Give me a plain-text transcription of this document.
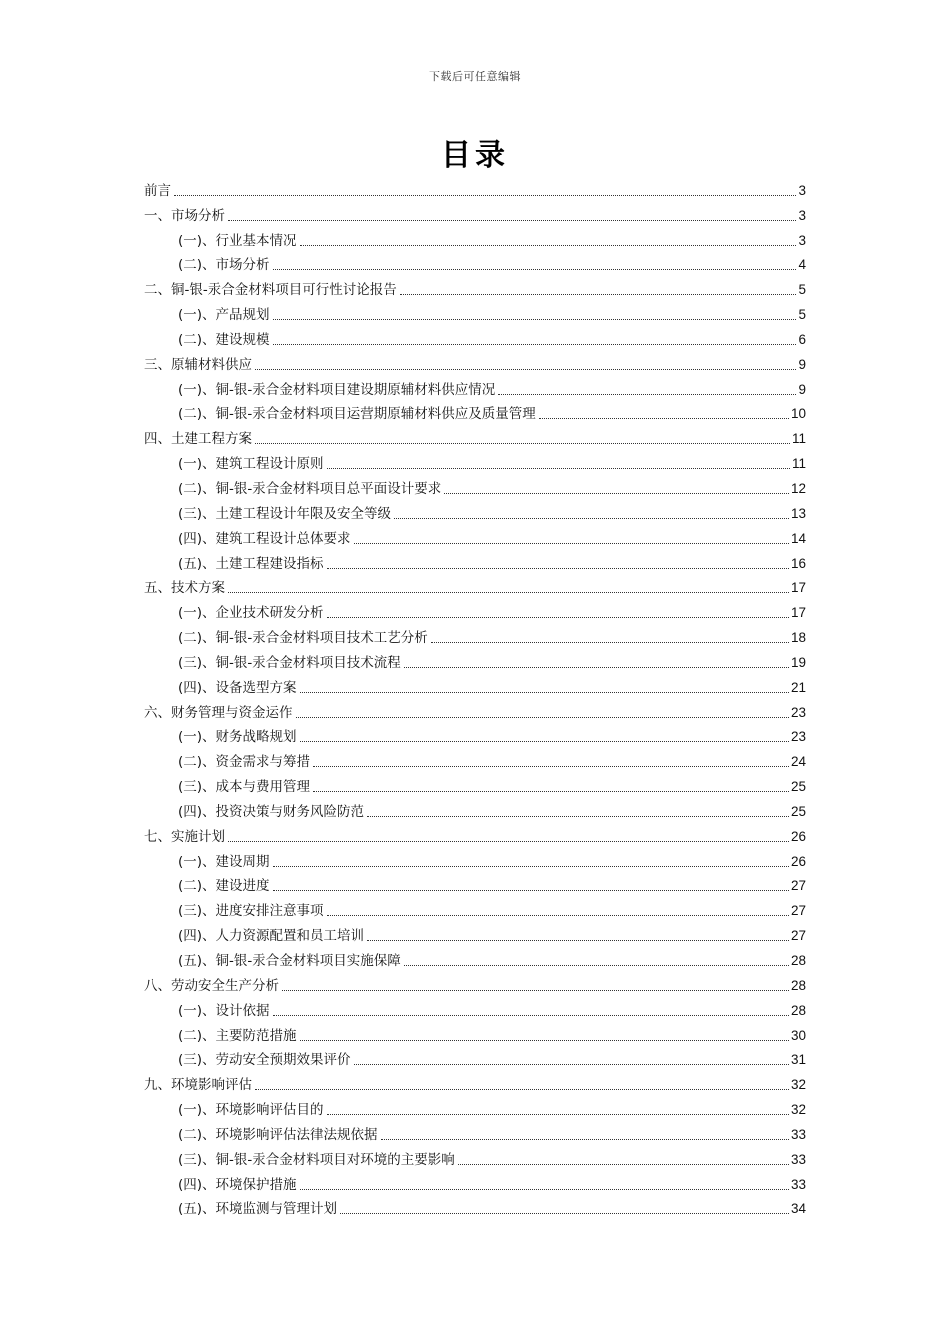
下载后可任意编辑
目录
前言	3
一、市场分析	3
(一)、行业基本情况	3
(二)、市场分析	4
二、铜-银-汞合金材料项目可行性讨论报告	5
(一)、产品规划	5
(二)、建设规模	6
三、原辅材料供应	9
(一)、铜-银-汞合金材料项目建设期原辅材料供应情况	9
(二)、铜-银-汞合金材料项目运营期原辅材料供应及质量管理	10
四、土建工程方案	11
(一)、建筑工程设计原则	11
(二)、铜-银-汞合金材料项目总平面设计要求	12
(三)、土建工程设计年限及安全等级	13
(四)、建筑工程设计总体要求	14
(五)、土建工程建设指标	16
五、技术方案	17
(一)、企业技术研发分析	17
(二)、铜-银-汞合金材料项目技术工艺分析	18
(三)、铜-银-汞合金材料项目技术流程	19
(四)、设备选型方案	21
六、财务管理与资金运作	23
(一)、财务战略规划	23
(二)、资金需求与筹措	24
(三)、成本与费用管理	25
(四)、投资决策与财务风险防范	25
七、实施计划	26
(一)、建设周期	26
(二)、建设进度	27
(三)、进度安排注意事项	27
(四)、人力资源配置和员工培训	27
(五)、铜-银-汞合金材料项目实施保障	28
八、劳动安全生产分析	28
(一)、设计依据	28
(二)、主要防范措施	30
(三)、劳动安全预期效果评价	31
九、环境影响评估	32
(一)、环境影响评估目的	32
(二)、环境影响评估法律法规依据	33
(三)、铜-银-汞合金材料项目对环境的主要影响	33
(四)、环境保护措施	33
(五)、环境监测与管理计划	34
